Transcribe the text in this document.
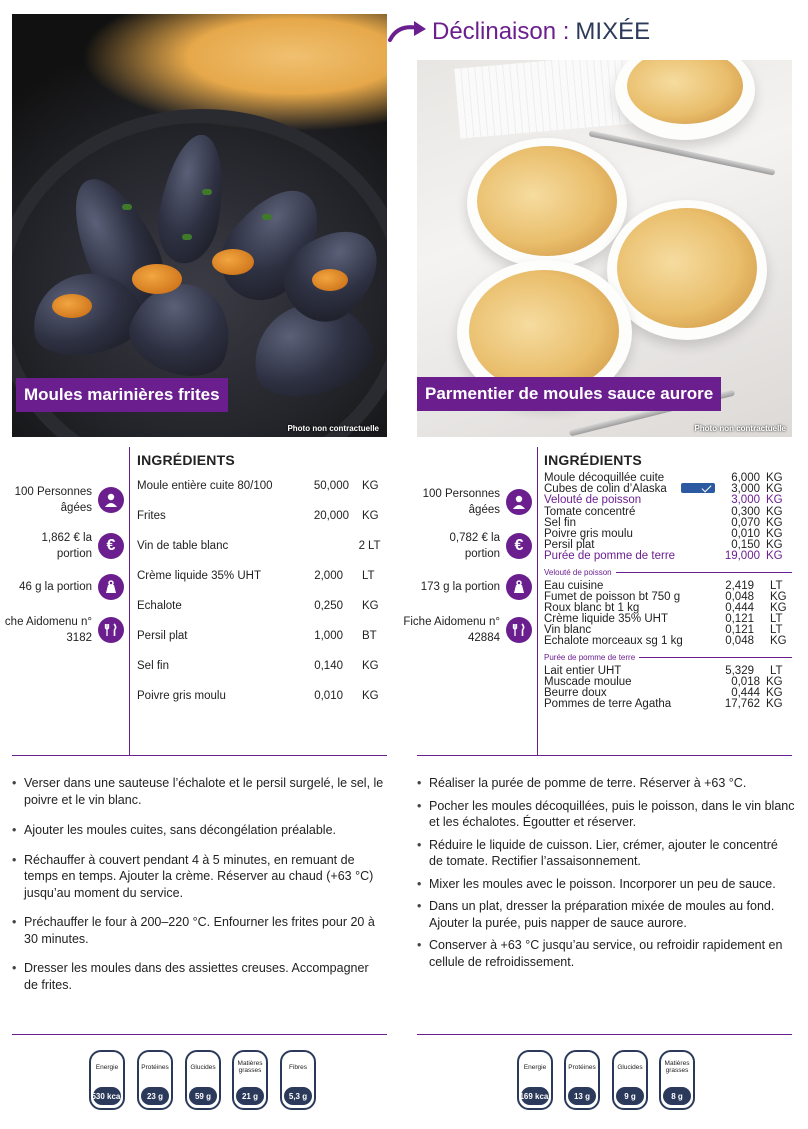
Déclinaison : MIXÉE
Moules marinières frites
Photo non contractuelle
Parmentier de moules sauce aurore
Photo non contractuelle
100 Personnes âgées
1,862 € la portion €
46 g la portion
che Aidomenu n° 3182
INGRÉDIENTS
Moule entière cuite 80/100	50,000 KG
Frites	20,000 KG
Vin de table blanc	2 LT
Crème liquide 35% UHT	2,000 LT
Echalote	0,250 KG
Persil plat	1,000 BT
Sel fin	0,140 KG
Poivre gris moulu	0,010 KG
100 Personnes âgées
0,782 € la portion €
173 g la portion
Fiche Aidomenu n° 42884
INGRÉDIENTS
Moule décoquillée cuite	6,000 KG
Cubes de colin d’Alaska	3,000 KG
Velouté de poisson	3,000 KG
Tomate concentré	0,300 KG
Sel fin	0,070 KG
Poivre gris moulu	0,010 KG
Persil plat	0,150 KG
Purée de pomme de terre	19,000 KG
Velouté de poisson
Eau cuisine	2,419 LT
Fumet de poisson bt 750 g	0,048 KG
Roux blanc bt 1 kg	0,444 KG
Crème liquide 35% UHT	0,121 LT
Vin blanc	0,121 LT
Echalote morceaux sg 1 kg	0,048 KG
Purée de pomme de terre
Lait entier UHT	5,329 LT
Muscade moulue	0,018 KG
Beurre doux	0,444 KG
Pommes de terre Agatha	17,762 KG
• Verser dans une sauteuse l’échalote et le persil surgelé, le sel, le poivre et le vin blanc.
• Ajouter les moules cuites, sans décongélation préalable.
• Réchauffer à couvert pendant 4 à 5 minutes, en remuant de temps en temps. Ajouter la crème. Réserver au chaud (+63 °C) jusqu’au moment du service.
• Préchauffer le four à 200–220 °C. Enfourner les frites pour 20 à 30 minutes.
• Dresser les moules dans des assiettes creuses. Accompagner de frites.
• Réaliser la purée de pomme de terre. Réserver à +63 °C.
• Pocher les moules décoquillées, puis le poisson, dans le vin blanc et les échalotes. Égoutter et réserver.
• Réduire le liquide de cuisson. Lier, crémer, ajouter le concentré de tomate. Rectifier l’assaisonnement.
• Mixer les moules avec le poisson. Incorporer un peu de sauce.
• Dans un plat, dresser la préparation mixée de moules au fond. Ajouter la purée, puis napper de sauce aurore.
• Conserver à +63 °C jusqu’au service, ou refroidir rapidement en cellule de refroidissement.
Energie
530 kcal
Protéines
23 g
Glucides
59 g
Matières grasses
21 g
Fibres
5,3 g
Energie
169 kcal
Protéines
13 g
Glucides
9 g
Matières grasses
8 g
